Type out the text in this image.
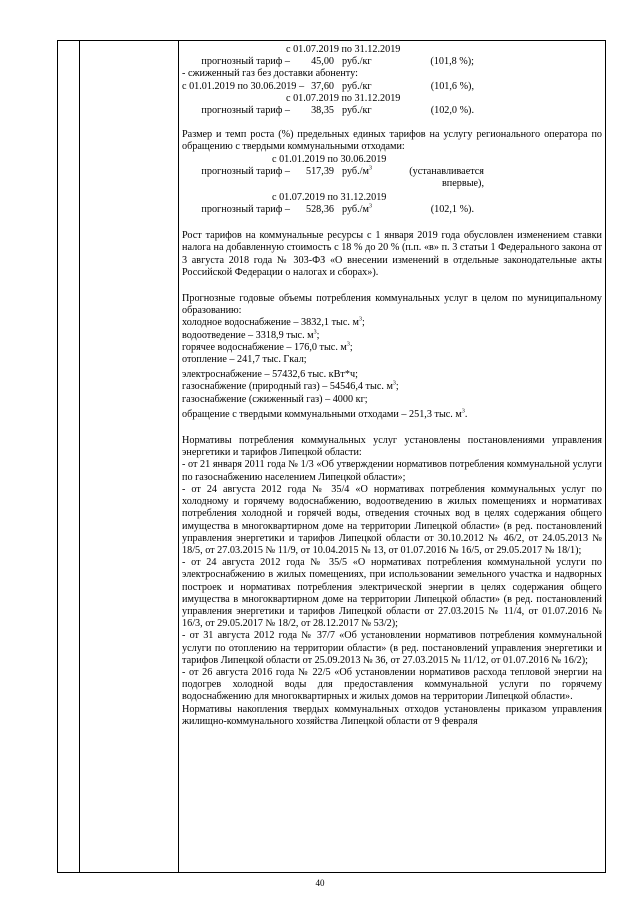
с 01.07.2019 по 31.12.2019
прогнозный тариф –	45,00 руб./кг	(101,8 %);
- сжиженный газ без доставки абоненту:
с 01.01.2019 по 30.06.2019 – 37,60 руб./кг	(101,6 %),
с 01.07.2019 по 31.12.2019
прогнозный тариф –	38,35 руб./кг	(102,0 %).
Размер и темп роста (%) предельных единых тарифов на услугу регионального оператора по обращению с твердыми коммунальными отходами:
с 01.01.2019 по 30.06.2019
прогнозный тариф –	517,39 $руб./м^3$	(устанавливается впервые),
с 01.07.2019 по 31.12.2019
прогнозный тариф –	528,36 $руб./м^3$	(102,1 %).
Рост тарифов на коммунальные ресурсы с 1 января 2019 года обусловлен изменением ставки налога на добавленную стоимость с 18 % до 20 % (п.п. «в» п. 3 статьи 1 Федерального закона от 3 августа 2018 года № 303-ФЗ «О внесении изменений в отдельные законодательные акты Российской Федерации о налогах и сборах»).
Прогнозные годовые объемы потребления коммунальных услуг в целом по муниципальному образованию:
холодное водоснабжение – 3832,1 тыс. $м^3$;
водоотведение – 3318,9 тыс. $м^3$;
горячее водоснабжение – 176,0 тыс. $м^3$;
отопление – 241,7 тыс. Гкал;
электроснабжение – 57432,6 тыс. кВт*ч;
газоснабжение (природный газ) – 54546,4 тыс. $м^3$;
газоснабжение (сжиженный газ) – 4000 кг;
обращение с твердыми коммунальными отходами – 251,3 тыс. $м^3$.
Нормативы потребления коммунальных услуг установлены постановлениями управления энергетики и тарифов Липецкой области:
- от 21 января 2011 года № 1/3 «Об утверждении нормативов потребления коммунальной услуги по газоснабжению населением Липецкой области»;
- от 24 августа 2012 года № 35/4 «О нормативах потребления коммунальных услуг по холодному и горячему водоснабжению, водоотведению в жилых помещениях и нормативах потребления холодной и горячей воды, отведения сточных вод в целях содержания общего имущества в многоквартирном доме на территории Липецкой области» (в ред. постановлений управления энергетики и тарифов Липецкой области от 30.10.2012 № 46/2, от 24.05.2013 № 18/5, от 27.03.2015 № 11/9, от 10.04.2015 № 13, от 01.07.2016 № 16/5, от 29.05.2017 № 18/1);
- от 24 августа 2012 года № 35/5 «О нормативах потребления коммунальной услуги по электроснабжению в жилых помещениях, при использовании земельного участка и надворных построек и нормативах потребления электрической энергии в целях содержания общего имущества в многоквартирном доме на территории Липецкой области» (в ред. постановлений управления энергетики и тарифов Липецкой области от 27.03.2015 № 11/4, от 01.07.2016 № 16/3, от 29.05.2017 № 18/2, от 28.12.2017 № 53/2);
- от 31 августа 2012 года № 37/7 «Об установлении нормативов потребления коммунальной услуги по отоплению на территории области» (в ред. постановлений управления энергетики и тарифов Липецкой области от 25.09.2013 № 36, от 27.03.2015 № 11/12, от 01.07.2016 № 16/2);
- от 26 августа 2016 года № 22/5 «Об установлении нормативов расхода тепловой энергии на подогрев холодной воды для предоставления коммунальной услуги по горячему водоснабжению для многоквартирных и жилых домов на территории Липецкой области».
Нормативы накопления твердых коммунальных отходов установлены приказом управления жилищно-коммунального хозяйства Липецкой области от 9 февраля
40
